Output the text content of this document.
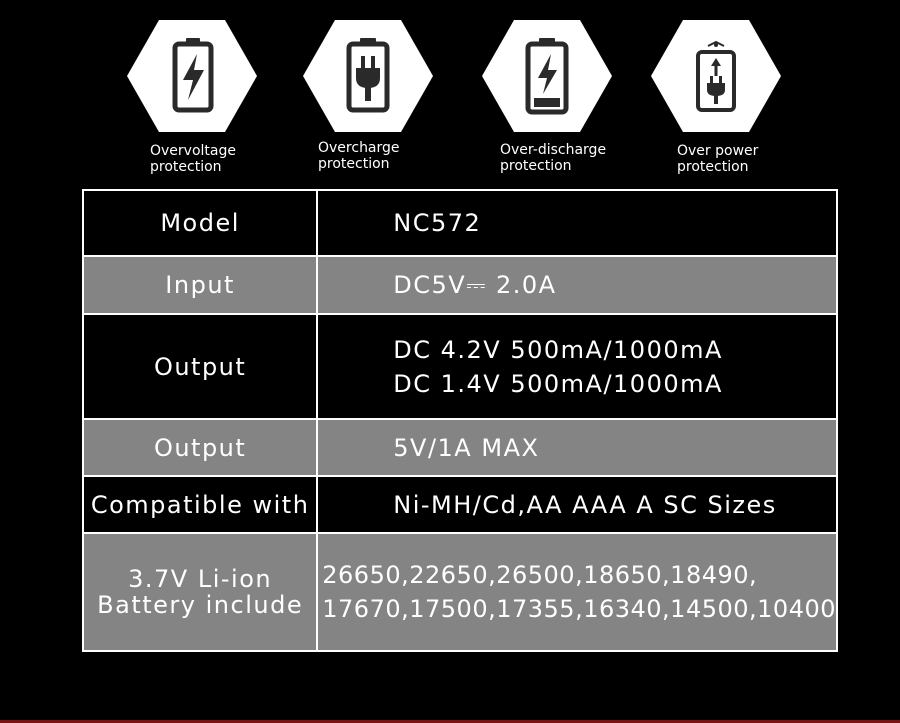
Overvoltage
protection
Overcharge
protection
Over-discharge
protection
Over power
protection
Model	NC572
Input	DC5V⎓ 2.0A
Output	DC 4.2V 500mA/1000mA
DC 1.4V 500mA/1000mA

Output	5V/1A MAX
Compatible with	Ni-MH/Cd,AA AAA A SC Sizes

3.7V Li-ion
Battery include	26650,22650,26500,18650,18490,
17670,17500,17355,16340,14500,10400
